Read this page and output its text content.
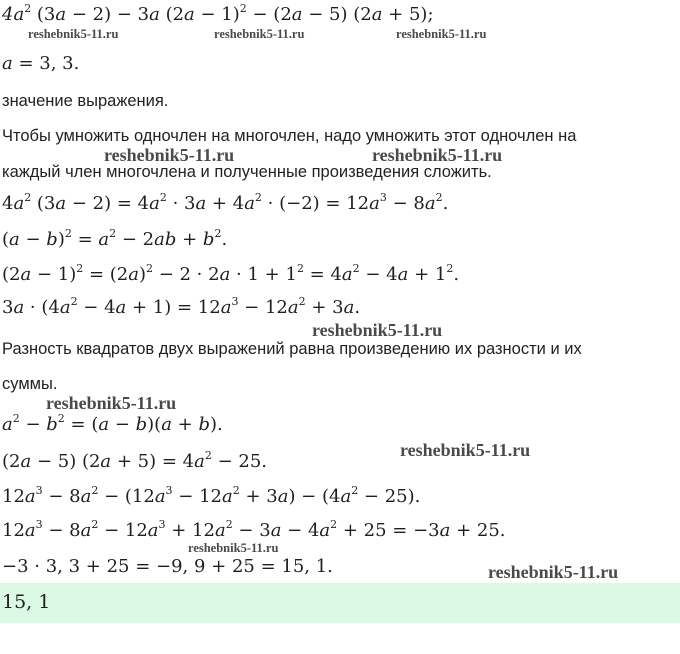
$4a^2$ (3a − 2) − 3a $(2a - 1)^2 - (2a - 5)$ (2a + 5);
reshebnik5-11.ru	reshebnik5-11.ru	reshebnik5-11.ru
a = 3, 3.
значение выражения.
Чтобы умножить одночлен на многочлен, надо умножить этот одночлен на
reshebnik5-11.ru	reshebnik5-11.ru
каждый член многочлена и полученные произведения сложить.
$4a^2$ $(3a - 2) = 4a^2 \cdot 3a + 4a^2 \cdot (-2) = 12a^3 - 8a^2$.
$(a - b)^2 = a^2 - 2ab + b^2$.
$(2a - 1)^2 = (2a)^2 - 2 \cdot 2a \cdot 1 + 1^2 = 4a^2 - 4a + 1^2$.
$3a \cdot (4a^2 - 4a + 1) = 12a^3 - 12a^2 + 3a$.
reshebnik5-11.ru
Разность квадратов двух выражений равна произведению их разности и их
суммы.
reshebnik5-11.ru
$a^2 - b^2 = (a - b)(a + b)$.
reshebnik5-11.ru
(2a − 5) $(2a + 5) = 4a^2 - 25$.
$12a^3 - 8a^2 - (12a^3 - 12a^2 + 3a) - (4a^2 - 25)$.
$12a^3 - 8a^2 - 12a^3 + 12a^2 - 3a - 4a^2 + 25 = -3a + 25$.
reshebnik5-11.ru
−3 · 3, 3 + 25 = −9, 9 + 25 = 15, 1.	reshebnik5-11.ru
15, 1
